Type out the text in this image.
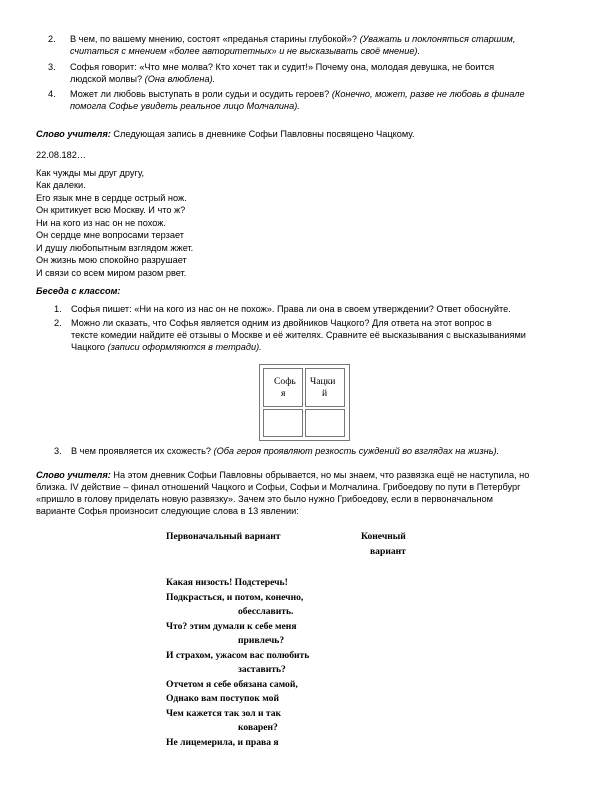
2. В чем, по вашему мнению, состоят «преданья старины глубокой»? (Уважать и поклоняться старшим,
считаться с мнением «более авторитетных» и не высказывать своё мнение).
3. Софья говорит: «Что мне молва? Кто хочет так и судит!» Почему она, молодая девушка, не боится
людской молвы? (Она влюблена).
4. Может ли любовь выступать в роли судьи и осудить героев? (Конечно, может, разве не любовь в финале
помогла Софье увидеть реальное лицо Молчалина).
Слово учителя: Следующая запись в дневнике Софьи Павловны посвящено Чацкому.
22.08.182…
Как чужды мы друг другу,
Как далеки.
Его язык мне в сердце острый нож.
Он критикует всю Москву. И что ж?
Ни на кого из нас он не похож.
Он сердце мне вопросами терзает
И душу любопытным взглядом жжет.
Он жизнь мою спокойно разрушает
И связи со всем миром разом рвет.
Беседа с классом:
1. Софья пишет: «Ни на кого из нас он не похож». Права ли она в своем утверждении? Ответ обоснуйте.
2. Можно ли сказать, что Софья является одним из двойников Чацкого? Для ответа на этот вопрос в
тексте комедии найдите её отзывы о Москве и её жителях. Сравните её высказывания с высказываниями
Чацкого (записи оформляются в тетради).
Софь
я
Чацки
й
3. В чем проявляется их схожесть? (Оба героя проявляют резкость суждений во взглядах на жизнь).
Слово учителя: На этом дневник Софьи Павловны обрывается, но мы знаем, что развязка ещё не наступила, но
близка. IV действие – финал отношений Чацкого и Софьи, Софьи и Молчалина. Грибоедову по пути в Петербург
«пришло в голову приделать новую развязку». Зачем это было нужно Грибоедову, если в первоначальном
варианте Софья произносит следующие слова в 13 явлении:
Первоначальный вариант	Конечный
вариант
Какая низость! Подстеречь!
Подкрасться, и потом, конечно,
обесславить.
Что? этим думали к себе меня
привлечь?
И страхом, ужасом вас полюбить
заставить?
Отчетом я себе обязана самой,
Однако вам поступок мой
Чем кажется так зол и так
коварен?
Не лицемерила, и права я
